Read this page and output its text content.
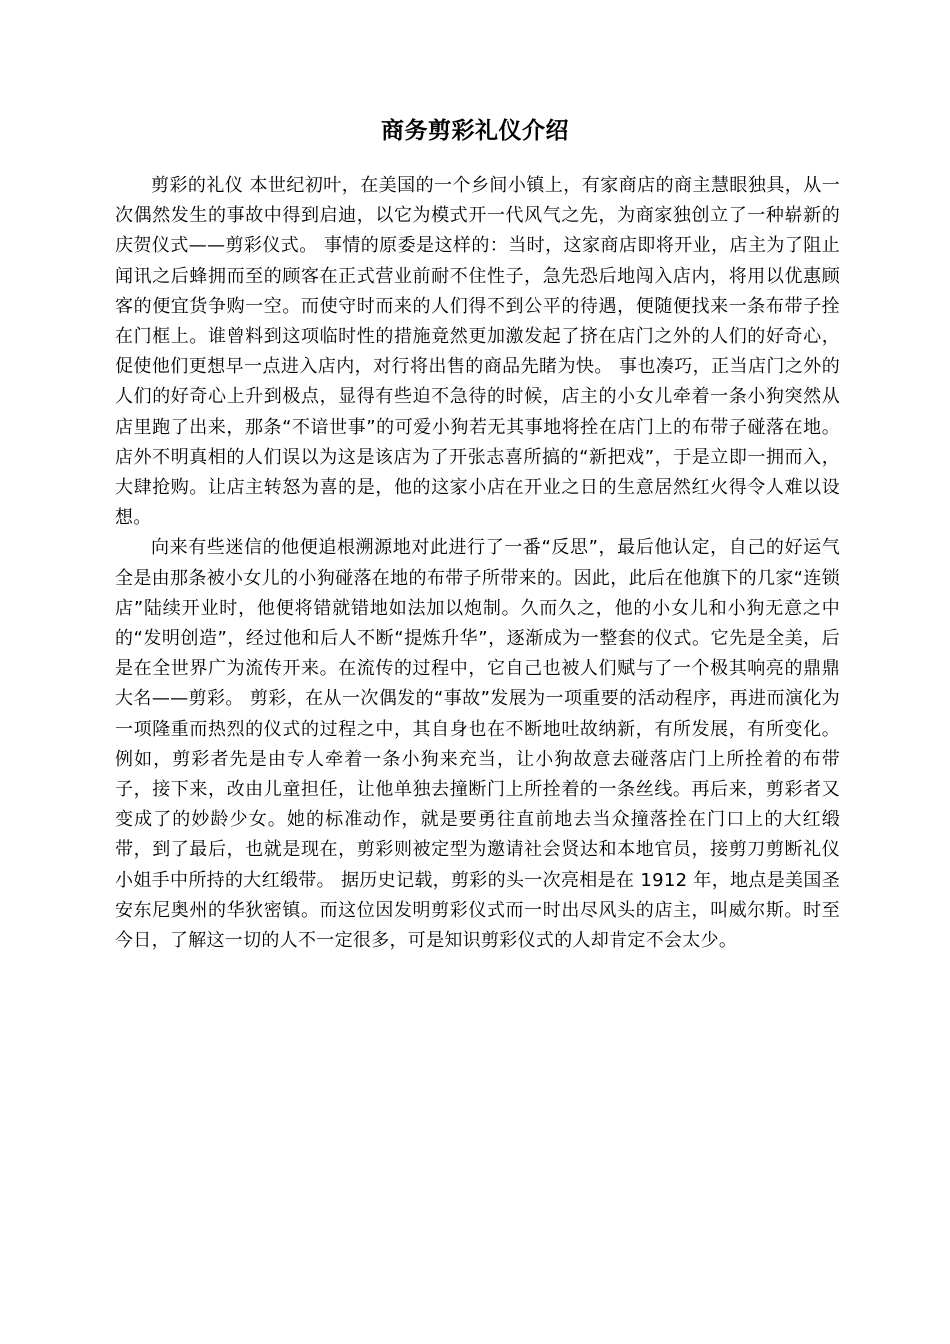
商务剪彩礼仪介绍

剪彩的礼仪 本世纪初叶，在美国的一个乡间小镇上，有家商店的商主慧眼独具，从一次偶然发生的事故中得到启迪，以它为模式开一代风气之先，为商家独创立了一种崭新的庆贺仪式——剪彩仪式。 事情的原委是这样的：当时，这家商店即将开业，店主为了阻止闻讯之后蜂拥而至的顾客在正式营业前耐不住性子，急先恐后地闯入店内，将用以优惠顾客的便宜货争购一空。而使守时而来的人们得不到公平的待遇，便随便找来一条布带子拴在门框上。谁曾料到这项临时性的措施竟然更加激发起了挤在店门之外的人们的好奇心，促使他们更想早一点进入店内，对行将出售的商品先睹为快。 事也凑巧，正当店门之外的人们的好奇心上升到极点，显得有些迫不急待的时候，店主的小女儿牵着一条小狗突然从店里跑了出来，那条“不谙世事”的可爱小狗若无其事地将拴在店门上的布带子碰落在地。店外不明真相的人们误以为这是该店为了开张志喜所搞的“新把戏”，于是立即一拥而入，大肆抢购。让店主转怒为喜的是，他的这家小店在开业之日的生意居然红火得令人难以设想。

向来有些迷信的他便追根溯源地对此进行了一番“反思”，最后他认定，自己的好运气全是由那条被小女儿的小狗碰落在地的布带子所带来的。因此，此后在他旗下的几家“连锁店”陆续开业时，他便将错就错地如法加以炮制。久而久之，他的小女儿和小狗无意之中的“发明创造”，经过他和后人不断“提炼升华”，逐渐成为一整套的仪式。它先是全美，后是在全世界广为流传开来。在流传的过程中，它自己也被人们赋与了一个极其响亮的鼎鼎大名——剪彩。 剪彩，在从一次偶发的“事故”发展为一项重要的活动程序，再进而演化为一项隆重而热烈的仪式的过程之中，其自身也在不断地吐故纳新，有所发展，有所变化。例如，剪彩者先是由专人牵着一条小狗来充当，让小狗故意去碰落店门上所拴着的布带子，接下来，改由儿童担任，让他单独去撞断门上所拴着的一条丝线。再后来，剪彩者又变成了的妙龄少女。她的标准动作，就是要勇往直前地去当众撞落拴在门口上的大红缎带，到了最后，也就是现在，剪彩则被定型为邀请社会贤达和本地官员，接剪刀剪断礼仪小姐手中所持的大红缎带。 据历史记载，剪彩的头一次亮相是在 1912 年，地点是美国圣安东尼奥州的华狄密镇。而这位因发明剪彩仪式而一时出尽风头的店主，叫威尔斯。时至今日，了解这一切的人不一定很多，可是知识剪彩仪式的人却肯定不会太少。
